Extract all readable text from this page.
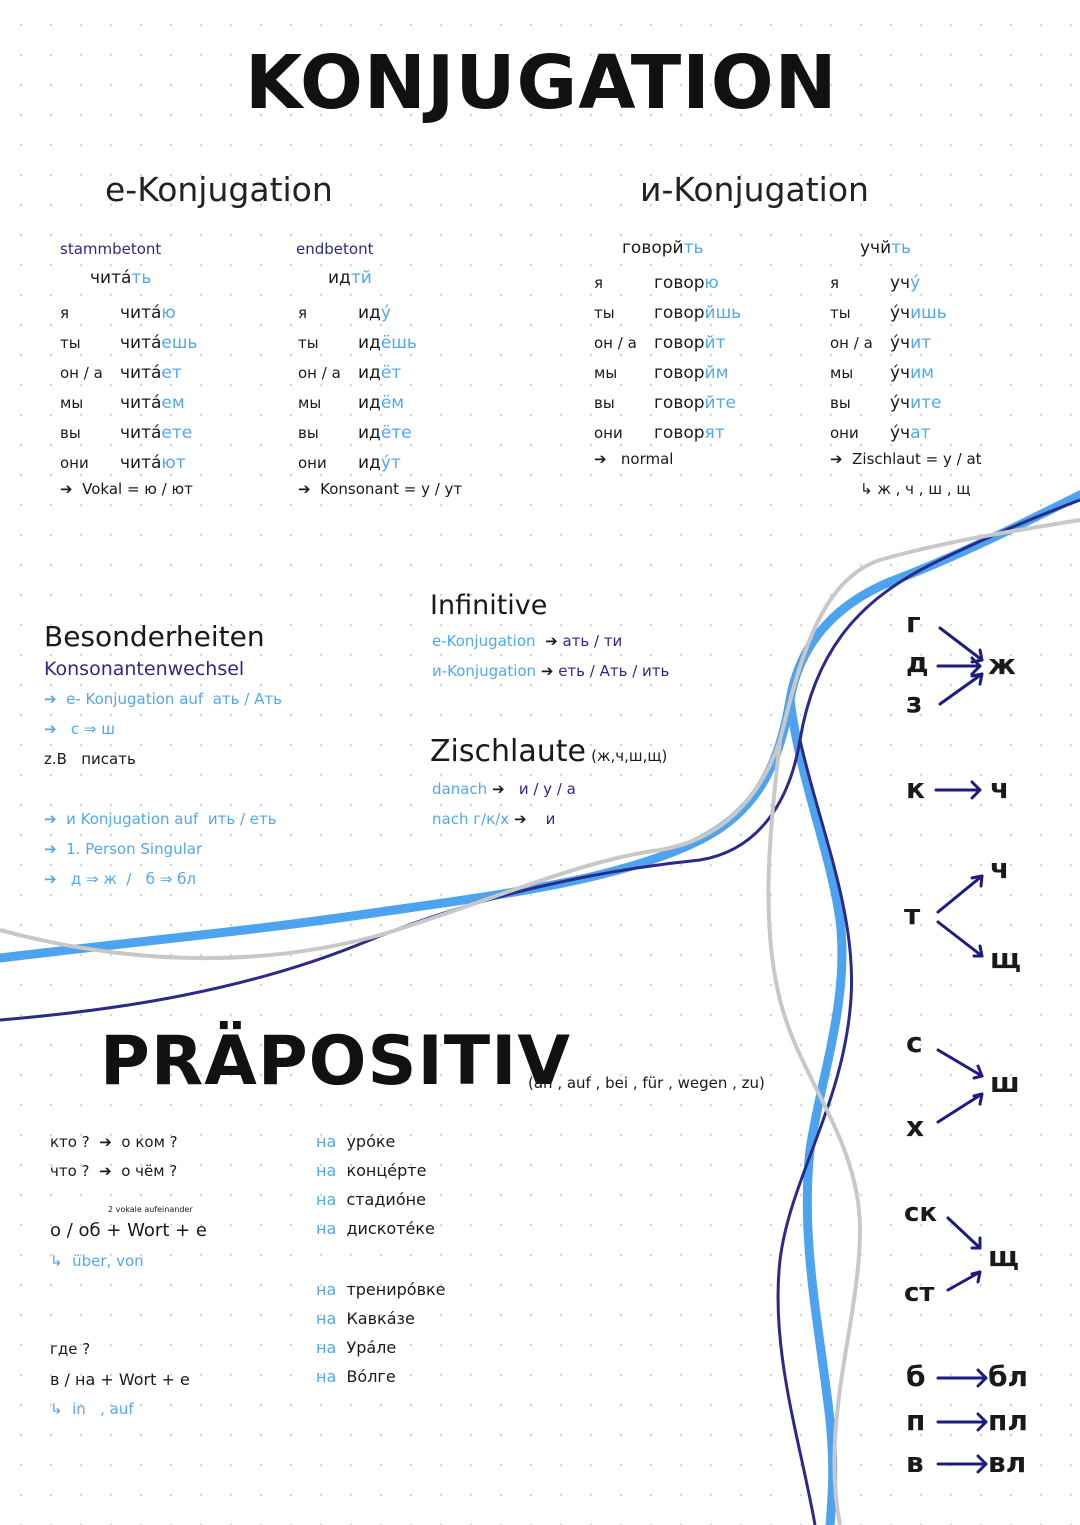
KONJUGATION
e-Konjugation
stammbetont
читáть
я	читáю
ты читáешь
он / а читáет
мы читáем
вы читáете
они читáют
➔ Vokal = ю / ют
endbetont
идтй
я	идý
ты идёшь
он / а идёт
мы идём
вы идёте
они идýт
➔ Konsonant = у / ут
и-Konjugation
говорйть
я	говорю
ты говорйшь
он / а говорйт
мы говорйм
вы говорйте
они говорят
➔ normal
учйть
я	учý
ты ýчишь
он / а ýчит
мы ýчим
вы ýчите
они ýчат
➔ Zischlaut = у / at
↳ ж , ч , ш , щ
Besonderheiten
Konsonantenwechsel
➔ e- Konjugation auf ать / Ать
➔ с ⇒ ш
z.B писать
➔ и Konjugation auf ить / еть
➔ 1. Person Singular
➔ д ⇒ ж  /   б ⇒ бл
Infinitive
e-Konjugation ➔ ать / ти
и-Konjugation ➔ еть / Ать / ить
Zischlaute (ж,ч,ш,щ)
danach ➔ и / у / а
nach г/к/х ➔ и
PRÄPOSITIV
(an , auf , bei , für , wegen , zu)
кто ? ➔ о ком ?
что ? ➔ о чём ?
2 vokale aufeinander
о / об + Wort + е
↳ über, von
где ?
в / на + Wort + е
↳ in , auf
на урóке
на концéрте
на стадиóне
на дискотéке
на тренирóвке
на Кавкáзе
на Урáле
на Вóлге
г
д
з
ж
к ч
т
ч
щ
с
х
ш
ск
ст
щ
б бл
п пл
в вл
